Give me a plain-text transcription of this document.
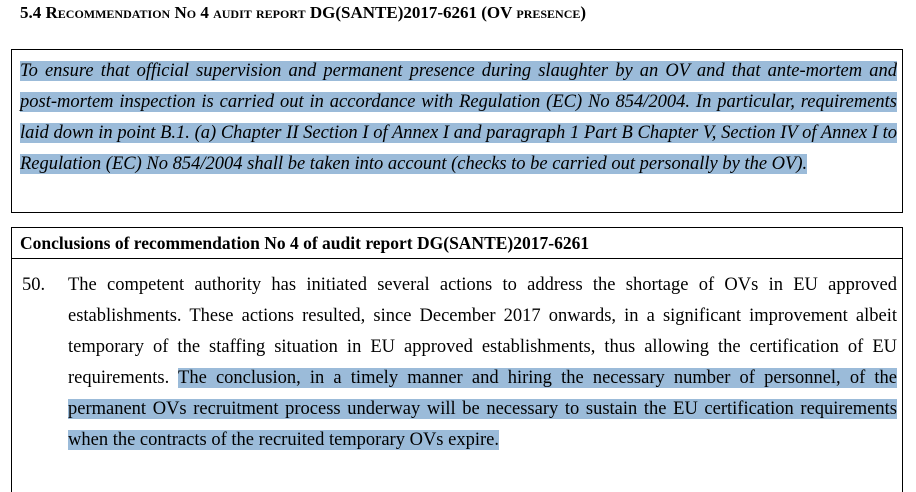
5.4 Recommendation No 4 audit report DG(SANTE)2017-6261 (OV presence)
To ensure that official supervision and permanent presence during slaughter by an OV and that ante-mortem and post-mortem inspection is carried out in accordance with Regulation (EC) No 854/2004. In particular, requirements laid down in point B.1. (a) Chapter II Section I of Annex I and paragraph 1 Part B Chapter V, Section IV of Annex I to Regulation (EC) No 854/2004 shall be taken into account (checks to be carried out personally by the OV).
Conclusions of recommendation No 4 of audit report DG(SANTE)2017-6261
50. The competent authority has initiated several actions to address the shortage of OVs in EU approved establishments. These actions resulted, since December 2017 onwards, in a significant improvement albeit temporary of the staffing situation in EU approved establishments, thus allowing the certification of EU requirements. The conclusion, in a timely manner and hiring the necessary number of personnel, of the permanent OVs recruitment process underway will be necessary to sustain the EU certification requirements when the contracts of the recruited temporary OVs expire.
